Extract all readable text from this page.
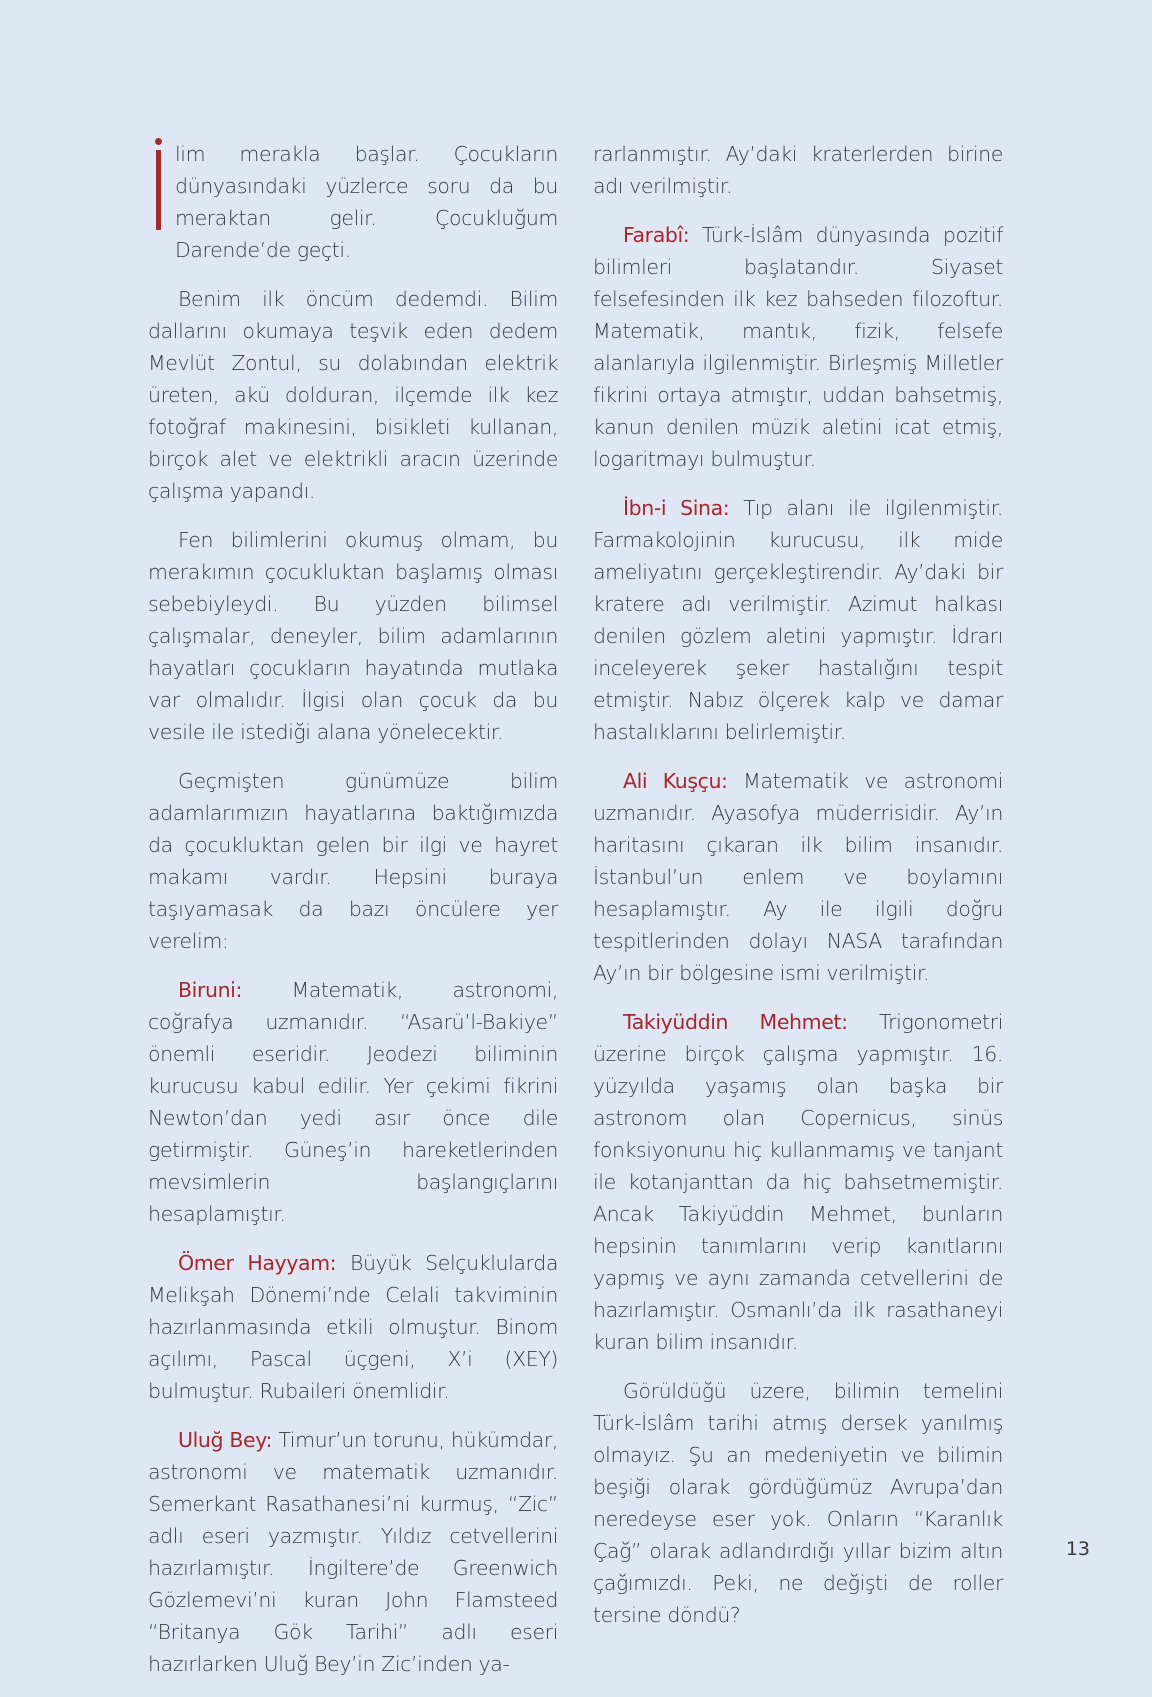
lim merakla başlar. Çocukların dünyasındaki yüzlerce soru da bu meraktan gelir. Çocukluğum Darende’de geçti.

Benim ilk öncüm dedemdi. Bilim dallarını okumaya teşvik eden dedem Mevlüt Zontul, su dolabından elektrik üreten, akü dolduran, ilçemde ilk kez fotoğraf makinesini, bisikleti kullanan, birçok alet ve elektrikli aracın üzerinde çalışma yapandı.

Fen bilimlerini okumuş olmam, bu merakımın çocukluktan başlamış olması sebebiyleydi. Bu yüzden bilimsel çalışmalar, deneyler, bilim adamlarının hayatları çocukların hayatında mutlaka var olmalıdır. İlgisi olan çocuk da bu vesile ile istediği alana yönelecektir.

Geçmişten günümüze bilim adamlarımızın hayatlarına baktığımızda da çocukluktan gelen bir ilgi ve hayret makamı vardır. Hepsini buraya taşıyamasak da bazı öncülere yer verelim:

Biruni̇: Matematik, astronomi, coğrafya uzmanıdır. “Asarü’l-Bakiye” önemli eseridir. Jeodezi biliminin kurucusu kabul edilir. Yer çekimi fikrini Newton’dan yedi asır önce dile getirmiştir. Güneş’in hareketlerinden mevsimlerin başlangıçlarını hesaplamıştır.

Ömer Hayyam: Büyük Selçuklularda Melikşah Dönemi’nde Celali takviminin hazırlanmasında etkili olmuştur. Binom açılımı, Pascal üçgeni, X’i (XEY) bulmuştur. Rubaileri önemlidir.

Uluğ Bey: Timur’un torunu, hükümdar, astronomi ve matematik uzmanıdır. Semerkant Rasathanesi’ni kurmuş, “Zic” adlı eseri yazmıştır. Yıldız cetvellerini hazırlamıştır. İngiltere’de Greenwich Gözlemevi’ni kuran John Flamsteed “Britanya Gök Tarihi” adlı eseri hazırlarken Uluğ Bey’in Zic’inden ya-

rarlanmıştır. Ay’daki kraterlerden birine adı verilmiştir.

Farabî: Türk-İslâm dünyasında pozitif bilimleri başlatandır. Siyaset felsefesinden ilk kez bahseden filozoftur. Matematik, mantık, fizik, felsefe alanlarıyla ilgilenmiştir. Birleşmiş Milletler fikrini ortaya atmıştır, uddan bahsetmiş, kanun denilen müzik aletini icat etmiş, logaritmayı bulmuştur.

İbn-i Sina: Tıp alanı ile ilgilenmiştir. Farmakolojinin kurucusu, ilk mide ameliyatını gerçekleştirendir. Ay’daki bir kratere adı verilmiştir. Azimut halkası denilen gözlem aletini yapmıştır. İdrarı inceleyerek şeker hastalığını tespit etmiştir. Nabız ölçerek kalp ve damar hastalıklarını belirlemiştir.

Ali Kuşçu: Matematik ve astronomi uzmanıdır. Ayasofya müderrisidir. Ay’ın haritasını çıkaran ilk bilim insanıdır. İstanbul’un enlem ve boylamını hesaplamıştır. Ay ile ilgili doğru tespitlerinden dolayı NASA tarafından Ay’ın bir bölgesine ismi verilmiştir.

Takiyüddin Mehmet: Trigonometri üzerine birçok çalışma yapmıştır. 16. yüzyılda yaşamış olan başka bir astronom olan Copernicus, sinüs fonksiyonunu hiç kullanmamış ve tanjant ile kotanjanttan da hiç bahsetmemiştir. Ancak Takiyüddin Mehmet, bunların hepsinin tanımlarını verip kanıtlarını yapmış ve aynı zamanda cetvellerini de hazırlamıştır. Osmanlı’da ilk rasathaneyi kuran bilim insanıdır.

Görüldüğü üzere, bilimin temelini Türk-İslâm tarihi atmış dersek yanılmış olmayız. Şu an medeniyetin ve bilimin beşiği olarak gördüğümüz Avrupa’dan neredeyse eser yok. Onların “Karanlık Çağ” olarak adlandırdığı yıllar bizim altın çağımızdı. Peki, ne değişti de roller tersine döndü?

13
